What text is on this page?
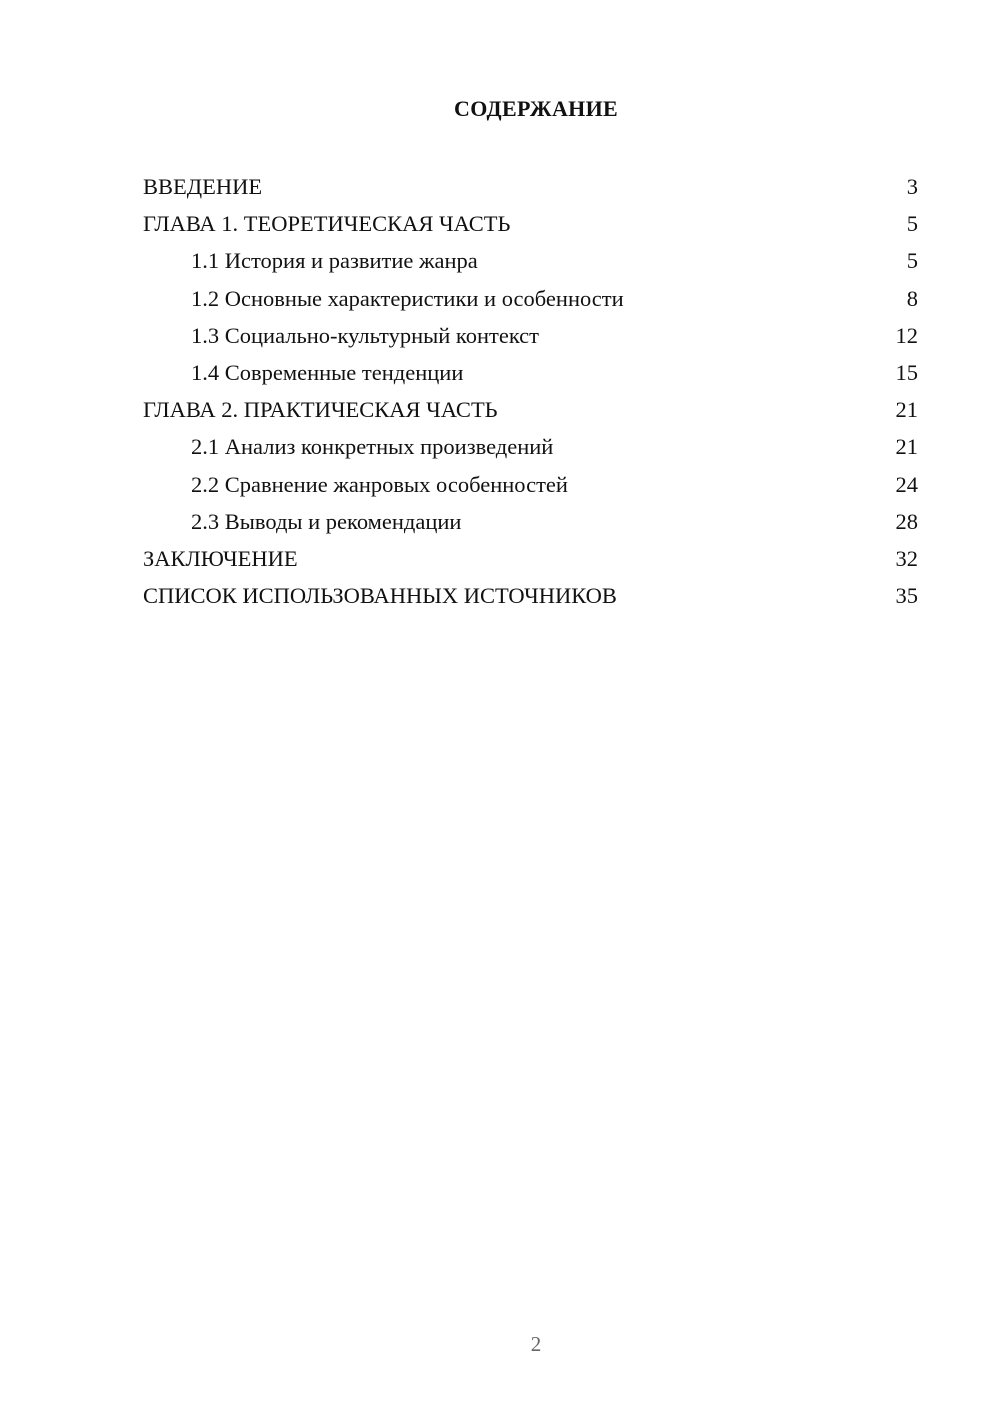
СОДЕРЖАНИЕ
ВВЕДЕНИЕ	3
ГЛАВА 1. ТЕОРЕТИЧЕСКАЯ ЧАСТЬ	5
1.1 История и развитие жанра	5
1.2 Основные характеристики и особенности	8
1.3 Социально-культурный контекст	12
1.4 Современные тенденции	15
ГЛАВА 2. ПРАКТИЧЕСКАЯ ЧАСТЬ	21
2.1 Анализ конкретных произведений	21
2.2 Сравнение жанровых особенностей	24
2.3 Выводы и рекомендации	28
ЗАКЛЮЧЕНИЕ	32
СПИСОК ИСПОЛЬЗОВАННЫХ ИСТОЧНИКОВ	35
2
